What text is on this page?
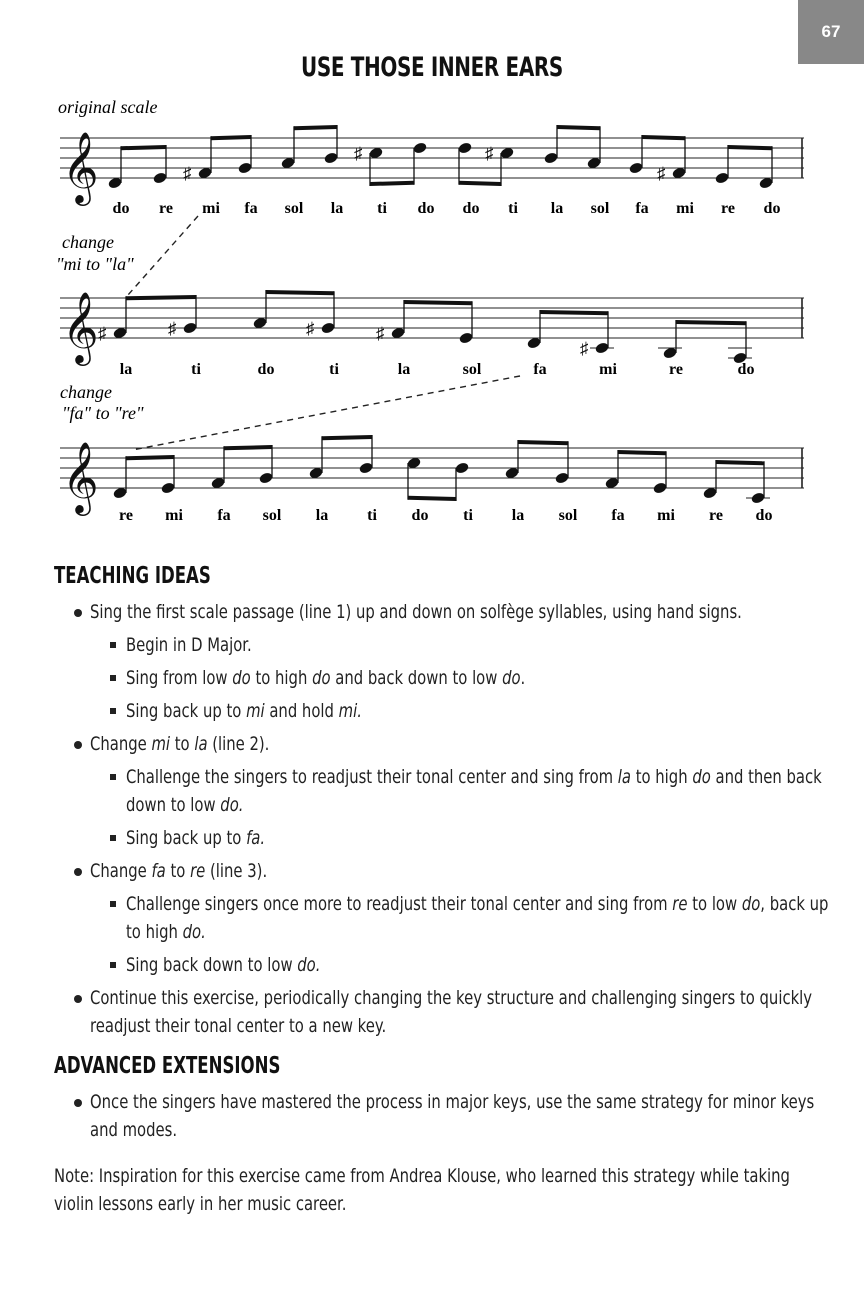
67
USE THOSE INNER EARS
𝄞	♯
♯	♯
♯
do re mi fa sol la ti do do ti la sol fa mi re do
𝄞 ♯	♯	♯	♯
♯
la	ti	do	ti	la	sol	fa	mi	re	do
𝄞
re mi fa sol la ti do ti la sol fa mi re do
original scale
change
"mi to "la"
change
"fa" to "re"
TEACHING IDEAS
Sing the first scale passage (line 1) up and down on solfège syllables, using hand signs.
Begin in D Major.
Sing from low do to high do and back down to low do.
Sing back up to mi and hold mi.
Change mi to la (line 2).
Challenge the singers to readjust their tonal center and sing from la to high do and then back
down to low do.
Sing back up to fa.
Change fa to re (line 3).
Challenge singers once more to readjust their tonal center and sing from re to low do, back up
to high do.
Sing back down to low do.
Continue this exercise, periodically changing the key structure and challenging singers to quickly
readjust their tonal center to a new key.
ADVANCED EXTENSIONS
Once the singers have mastered the process in major keys, use the same strategy for minor keys
and modes.
Note: Inspiration for this exercise came from Andrea Klouse, who learned this strategy while taking
violin lessons early in her music career.
